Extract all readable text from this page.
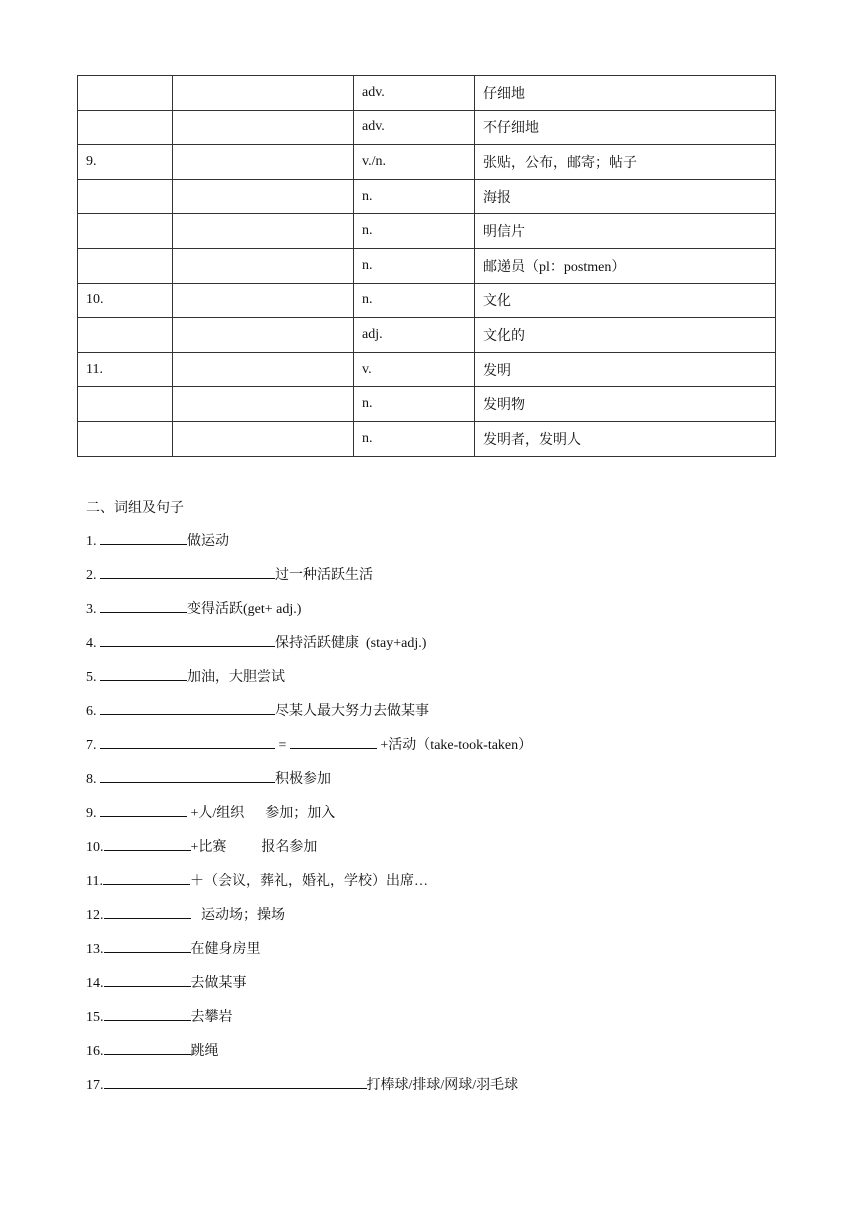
		adv.	仔细地
		adv.	不仔细地
9.		v./n.	张贴，公布，邮寄；帖子
		n.	海报
		n.	明信片
		n.	邮递员（pl：postmen）
10.		n.	文化
		adj.	文化的
11.		v.	发明
		n.	发明物
		n.	发明者，发明人
二、词组及句子
1.	做运动
2.	过一种活跃生活
3.	变得活跃(get+ adj.)
4.	保持活跃健康  (stay+adj.)
5.	加油，大胆尝试
6.	尽某人最大努力去做某事
7.	=	+活动（take-took-taken）
8.	积极参加
9.	+人/组织      参加；加入
10.	+比赛          报名参加
11.	＋（会议，葬礼，婚礼，学校）出席…
12.	运动场；操场
13.	在健身房里
14.	去做某事
15.	去攀岩
16.	跳绳
17.	打棒球/排球/网球/羽毛球
